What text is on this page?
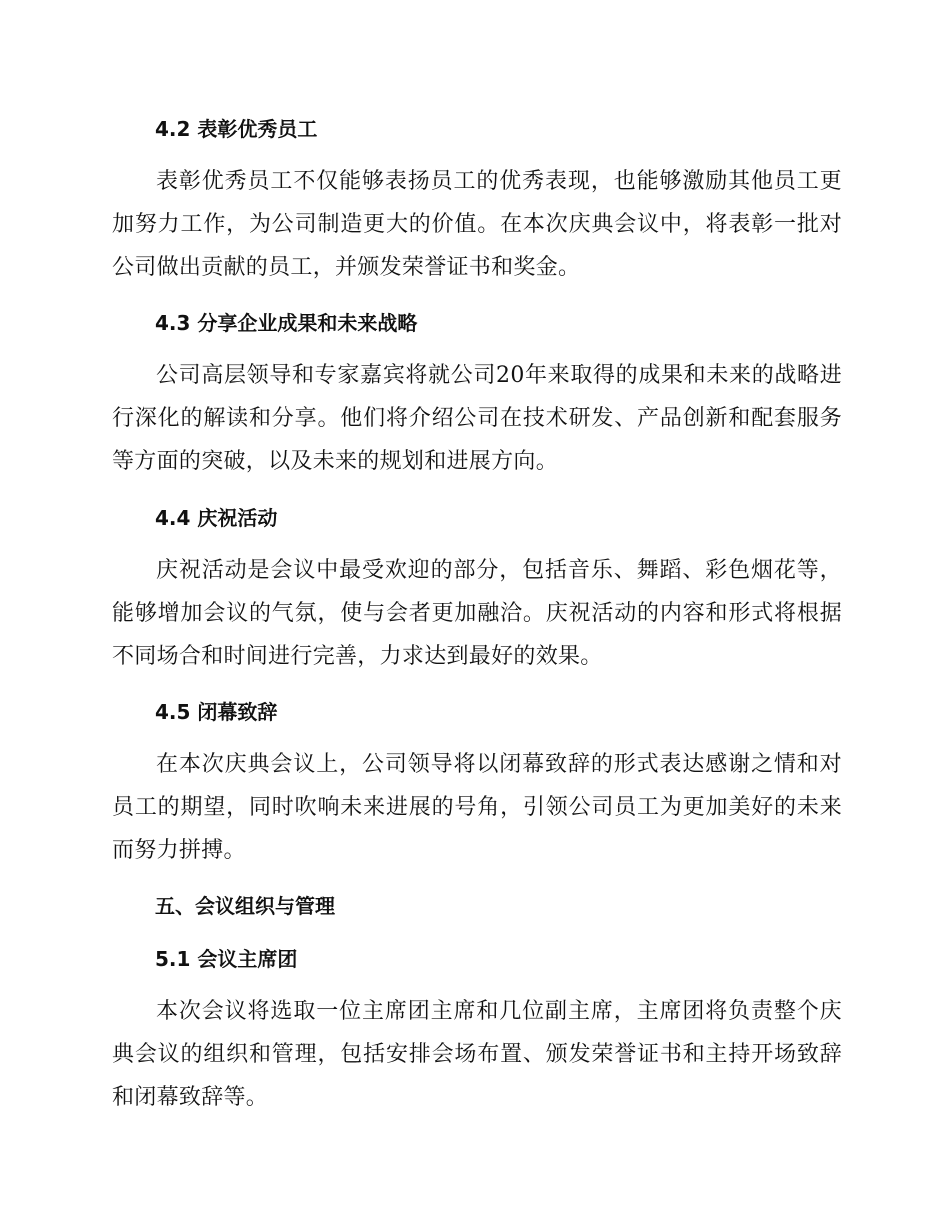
4.2 表彰优秀员工
表彰优秀员工不仅能够表扬员工的优秀表现，也能够激励其他员工更加努力工作，为公司制造更大的价值。在本次庆典会议中，将表彰一批对公司做出贡献的员工，并颁发荣誉证书和奖金。
4.3 分享企业成果和未来战略
公司高层领导和专家嘉宾将就公司20年来取得的成果和未来的战略进行深化的解读和分享。他们将介绍公司在技术研发、产品创新和配套服务等方面的突破，以及未来的规划和进展方向。
4.4 庆祝活动
庆祝活动是会议中最受欢迎的部分，包括音乐、舞蹈、彩色烟花等，能够增加会议的气氛，使与会者更加融洽。庆祝活动的内容和形式将根据不同场合和时间进行完善，力求达到最好的效果。
4.5 闭幕致辞
在本次庆典会议上，公司领导将以闭幕致辞的形式表达感谢之情和对员工的期望，同时吹响未来进展的号角，引领公司员工为更加美好的未来而努力拼搏。
五、会议组织与管理
5.1 会议主席团
本次会议将选取一位主席团主席和几位副主席，主席团将负责整个庆典会议的组织和管理，包括安排会场布置、颁发荣誉证书和主持开场致辞和闭幕致辞等。
